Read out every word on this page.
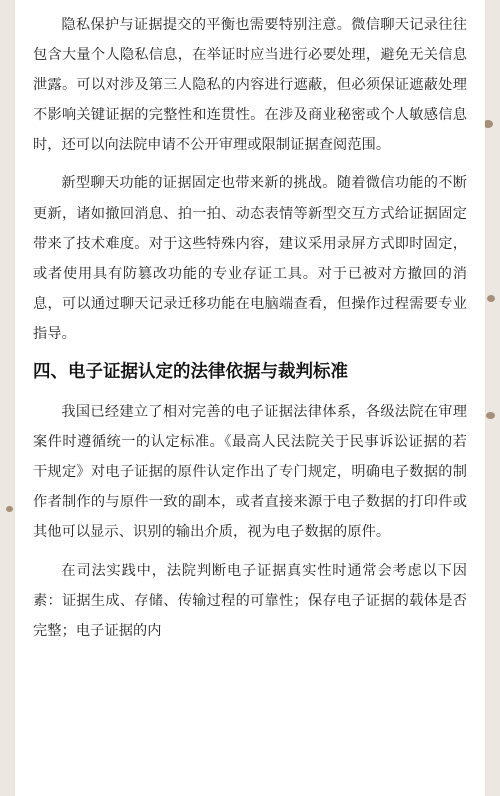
隐私保护与证据提交的平衡也需要特别注意。微信聊天记录往往包含大量个人隐私信息，在举证时应当进行必要处理，避免无关信息泄露。可以对涉及第三人隐私的内容进行遮蔽，但必须保证遮蔽处理不影响关键证据的完整性和连贯性。在涉及商业秘密或个人敏感信息时，还可以向法院申请不公开审理或限制证据查阅范围。

新型聊天功能的证据固定也带来新的挑战。随着微信功能的不断更新，诸如撤回消息、拍一拍、动态表情等新型交互方式给证据固定带来了技术难度。对于这些特殊内容，建议采用录屏方式即时固定，或者使用具有防篡改功能的专业存证工具。对于已被对方撤回的消息，可以通过聊天记录迁移功能在电脑端查看，但操作过程需要专业指导。

四、电子证据认定的法律依据与裁判标准

我国已经建立了相对完善的电子证据法律体系，各级法院在审理案件时遵循统一的认定标准。《最高人民法院关于民事诉讼证据的若干规定》对电子证据的原件认定作出了专门规定，明确电子数据的制作者制作的与原件一致的副本，或者直接来源于电子数据的打印件或其他可以显示、识别的输出介质，视为电子数据的原件。

在司法实践中，法院判断电子证据真实性时通常会考虑以下因素：证据生成、存储、传输过程的可靠性；保存电子证据的载体是否完整；电子证据的内
